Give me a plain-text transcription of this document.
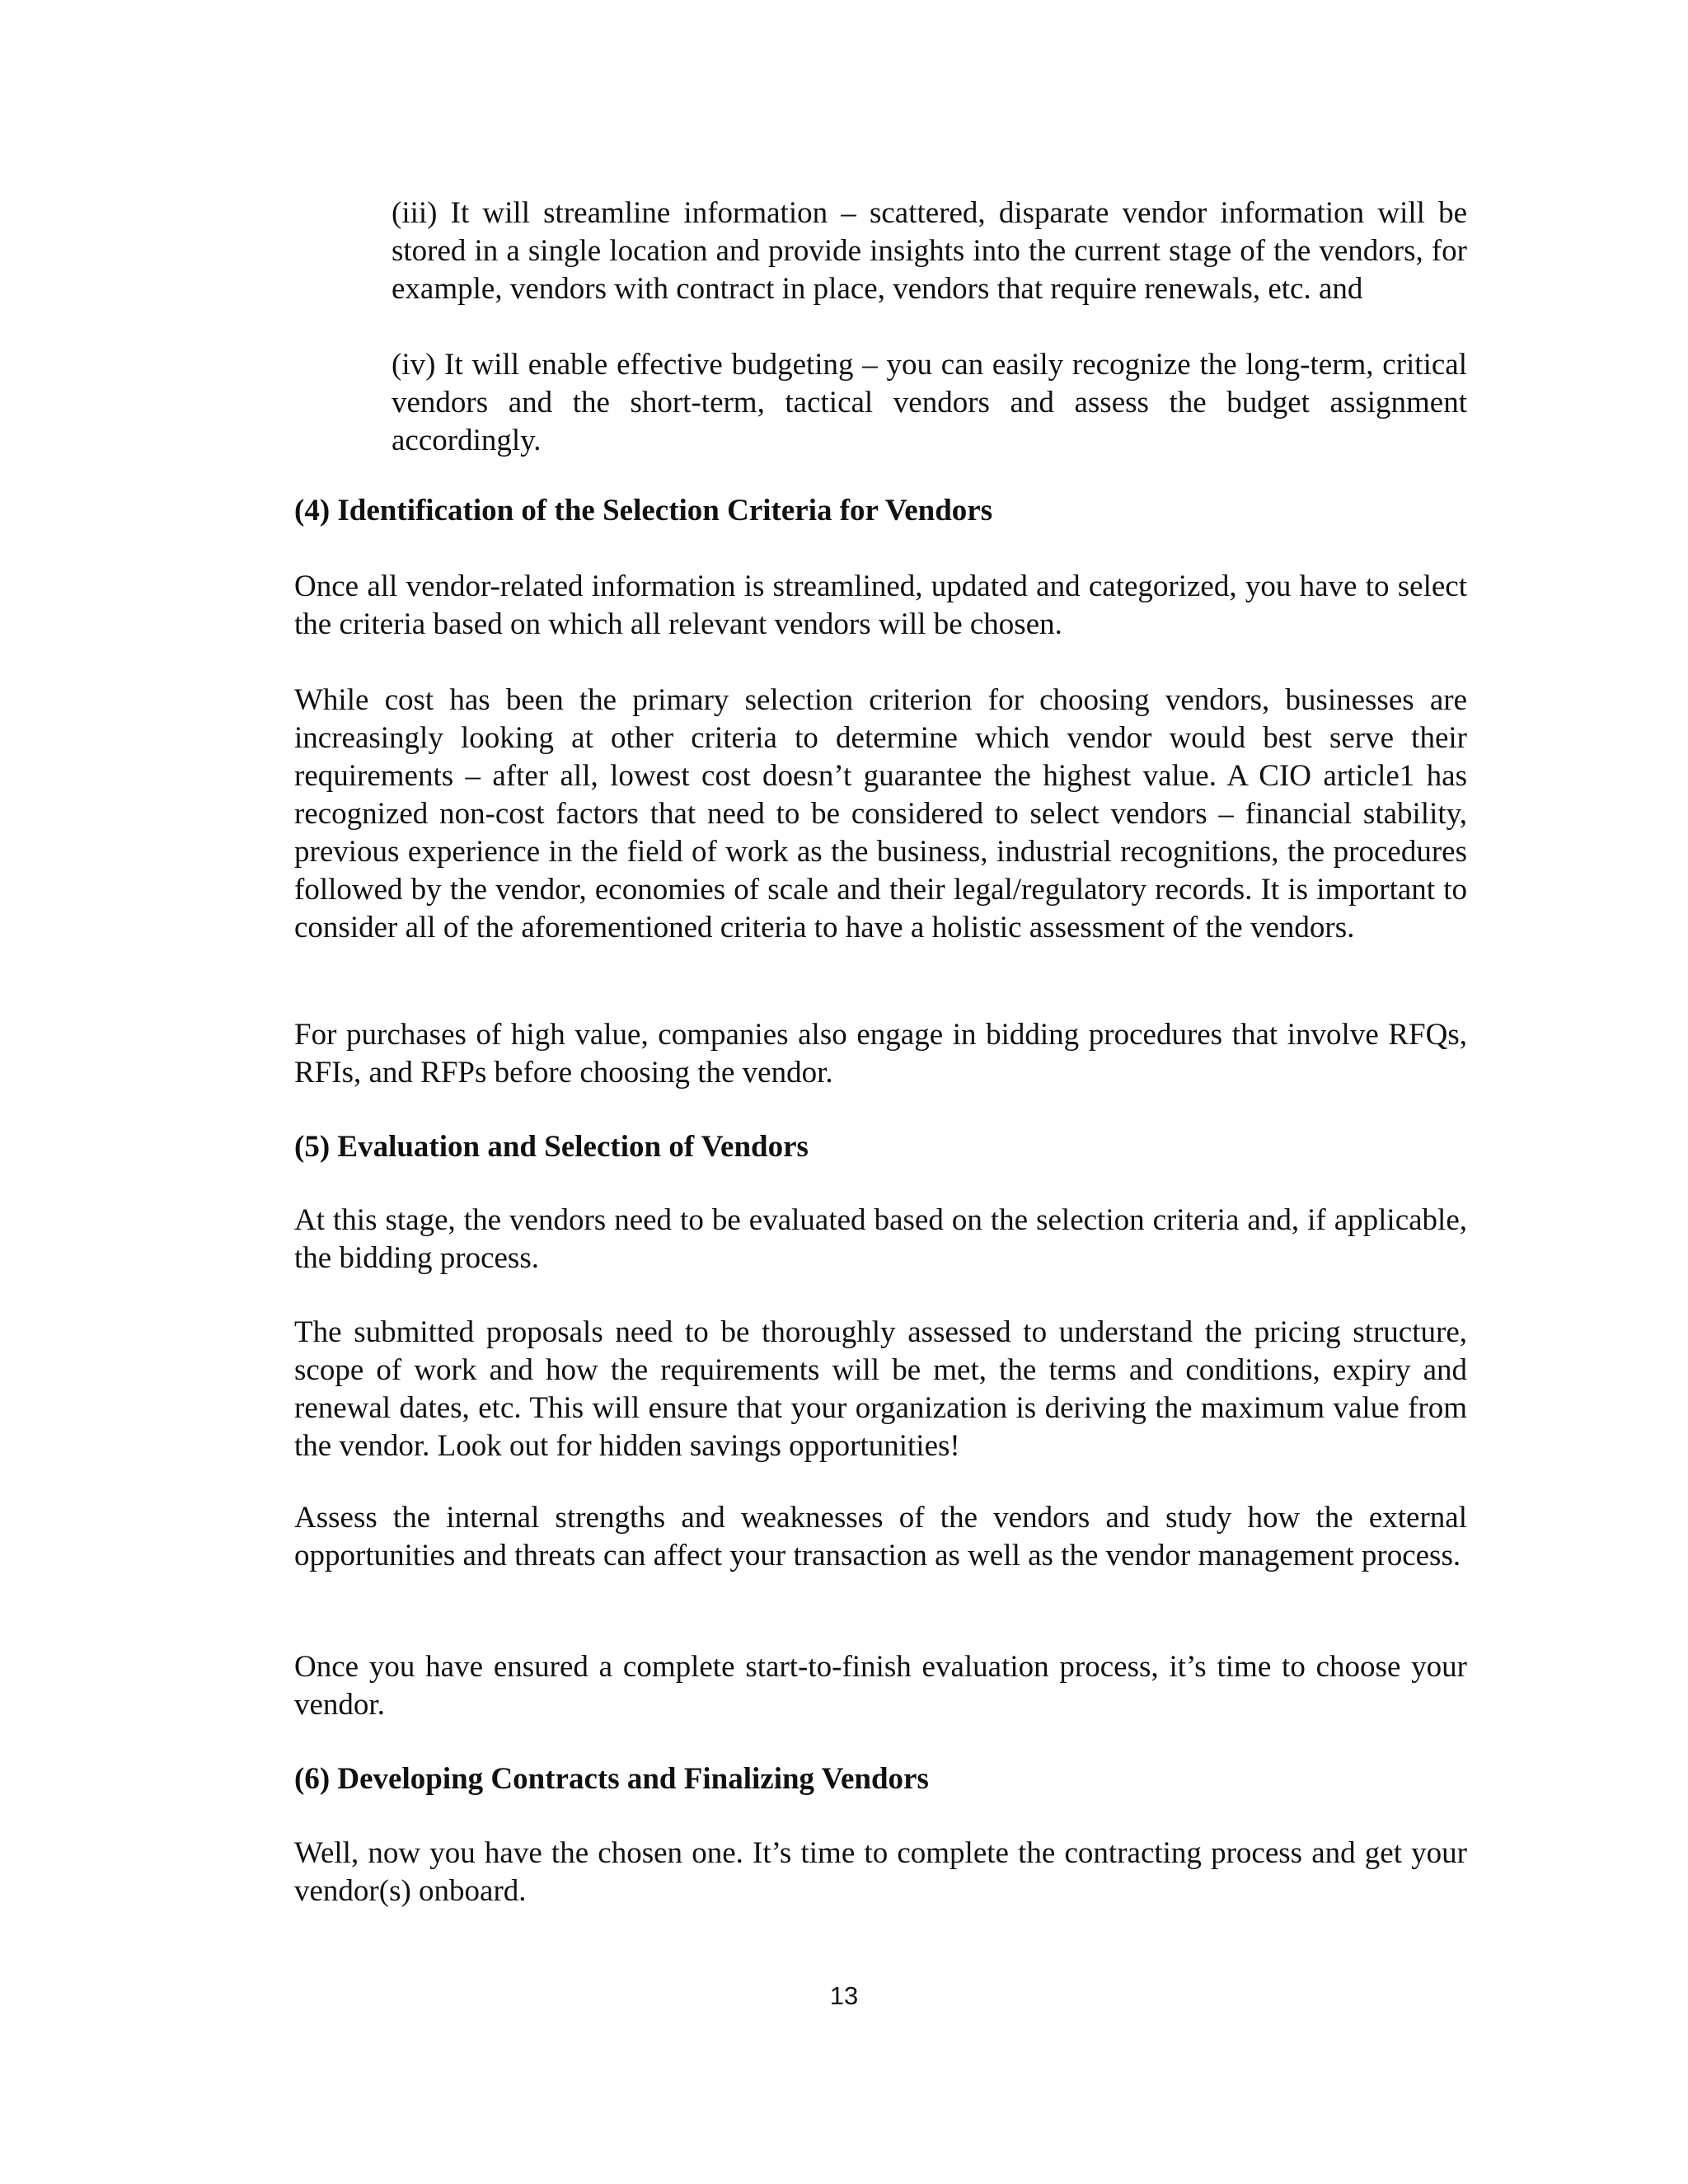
(iii) It will streamline information – scattered, disparate vendor information will be stored in a single location and provide insights into the current stage of the vendors, for example, vendors with contract in place, vendors that require renewals, etc. and

(iv) It will enable effective budgeting – you can easily recognize the long-term, critical vendors and the short-term, tactical vendors and assess the budget assignment accordingly.

(4) Identification of the Selection Criteria for Vendors

Once all vendor-related information is streamlined, updated and categorized, you have to select the criteria based on which all relevant vendors will be chosen.

While cost has been the primary selection criterion for choosing vendors, businesses are increasingly looking at other criteria to determine which vendor would best serve their requirements – after all, lowest cost doesn’t guarantee the highest value. A CIO article1 has recognized non-cost factors that need to be considered to select vendors – financial stability, previous experience in the field of work as the business, industrial recognitions, the procedures followed by the vendor, economies of scale and their legal/regulatory records. It is important to consider all of the aforementioned criteria to have a holistic assessment of the vendors.

For purchases of high value, companies also engage in bidding procedures that involve RFQs, RFIs, and RFPs before choosing the vendor.

(5) Evaluation and Selection of Vendors

At this stage, the vendors need to be evaluated based on the selection criteria and, if applicable, the bidding process.

The submitted proposals need to be thoroughly assessed to understand the pricing structure, scope of work and how the requirements will be met, the terms and conditions, expiry and renewal dates, etc. This will ensure that your organization is deriving the maximum value from the vendor. Look out for hidden savings opportunities!

Assess the internal strengths and weaknesses of the vendors and study how the external opportunities and threats can affect your transaction as well as the vendor management process.

Once you have ensured a complete start-to-finish evaluation process, it’s time to choose your vendor.

(6) Developing Contracts and Finalizing Vendors

Well, now you have the chosen one. It’s time to complete the contracting process and get your vendor(s) onboard.

13
